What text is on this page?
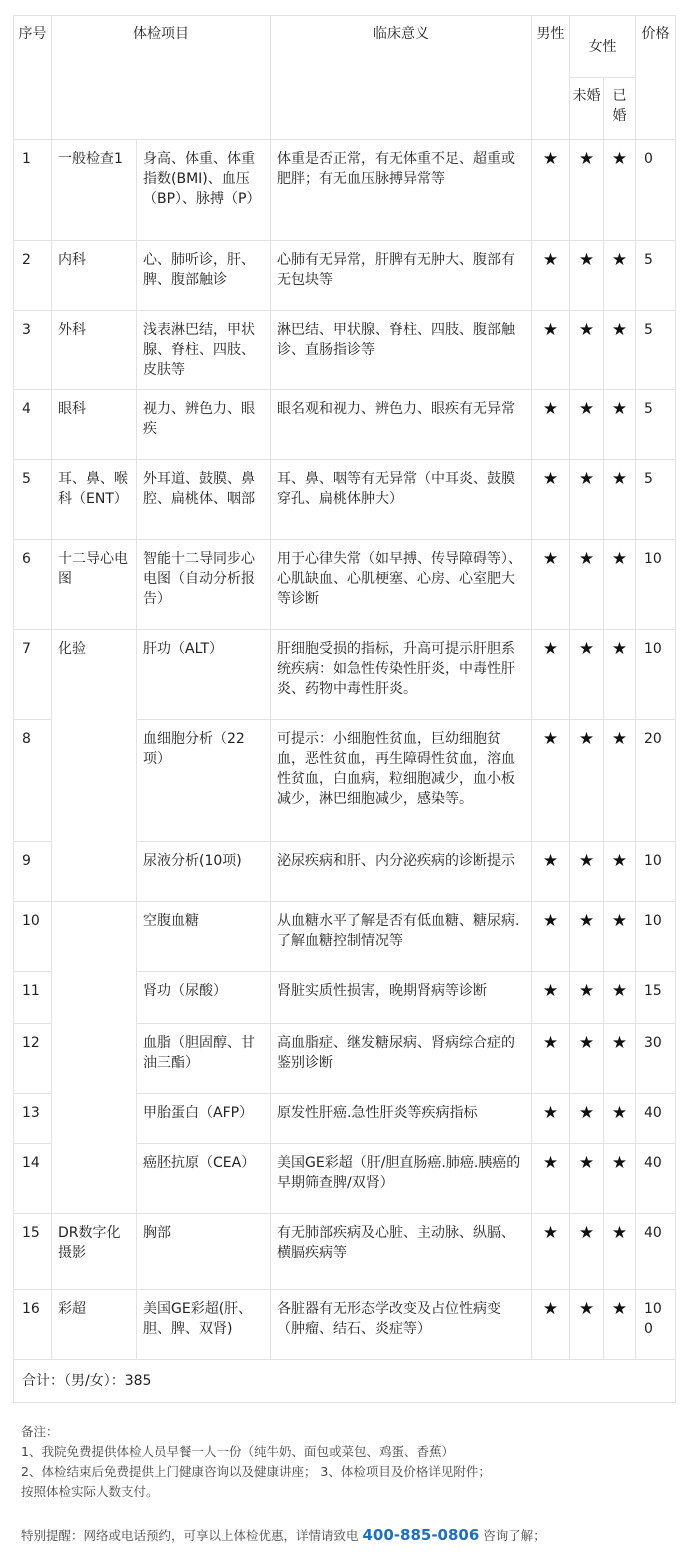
序号	体检项目		临床意义	男性	女性		价格
					未婚	已婚	
1	一般检查1	身高、体重、体重指数(BMI)、血压（BP）、脉搏（P）	体重是否正常，有无体重不足、超重或肥胖；有无血压脉搏异常等	★	★	★	0
2	内科	心、肺听诊，肝、脾、腹部触诊	心肺有无异常，肝脾有无肿大、腹部有无包块等	★	★	★	5
3	外科	浅表淋巴结，甲状腺、脊柱、四肢、皮肤等	淋巴结、甲状腺、脊柱、四肢、腹部触诊、直肠指诊等	★	★	★	5
4	眼科	视力、辨色力、眼疾	眼名观和视力、辨色力、眼疾有无异常	★	★	★	5
5	耳、鼻、喉科（ENT）	外耳道、鼓膜、鼻腔、扁桃体、咽部	耳、鼻、咽等有无异常（中耳炎、鼓膜穿孔、扁桃体肿大）	★	★	★	5
6	十二导心电图	智能十二导同步心电图（自动分析报告）	用于心律失常（如早搏、传导障碍等）、心肌缺血、心肌梗塞、心房、心室肥大等诊断	★	★	★	10
7	化验	肝功（ALT）	肝细胞受损的指标，升高可提示肝胆系统疾病：如急性传染性肝炎，中毒性肝炎、药物中毒性肝炎。	★	★	★	10
8		血细胞分析（22项）	可提示：小细胞性贫血，巨幼细胞贫血，恶性贫血，再生障碍性贫血，溶血性贫血，白血病，粒细胞减少，血小板减少，淋巴细胞减少，感染等。	★	★	★	20
9		尿液分析(10项)	泌尿疾病和肝、内分泌疾病的诊断提示	★	★	★	10
10		空腹血糖	从血糖水平了解是否有低血糖、糖尿病.了解血糖控制情况等	★	★	★	10
11		肾功（尿酸）	肾脏实质性损害，晚期肾病等诊断	★	★	★	15
12		血脂（胆固醇、甘油三酯）	高血脂症、继发糖尿病、肾病综合症的鉴别诊断	★	★	★	30
13		甲胎蛋白（AFP）	原发性肝癌.急性肝炎等疾病指标	★	★	★	40
14		癌胚抗原（CEA）	美国GE彩超（肝/胆直肠癌.肺癌.胰癌的早期筛查脾/双肾）	★	★	★	40
15	DR数字化摄影	胸部	有无肺部疾病及心脏、主动脉、纵膈、横膈疾病等	★	★	★	40
16	彩超	美国GE彩超(肝、胆、脾、双肾)	各脏器有无形态学改变及占位性病变（肿瘤、结石、炎症等）	★	★	★	100
合计：（男/女）：385							
备注：
1、我院免费提供体检人员早餐一人一份（纯牛奶、面包或菜包、鸡蛋、香蕉）
2、体检结束后免费提供上门健康咨询以及健康讲座； 3、体检项目及价格详见附件；
按照体检实际人数支付。
特别提醒：网络或电话预约，可享以上体检优惠，详情请致电 400-885-0806 咨询了解；
